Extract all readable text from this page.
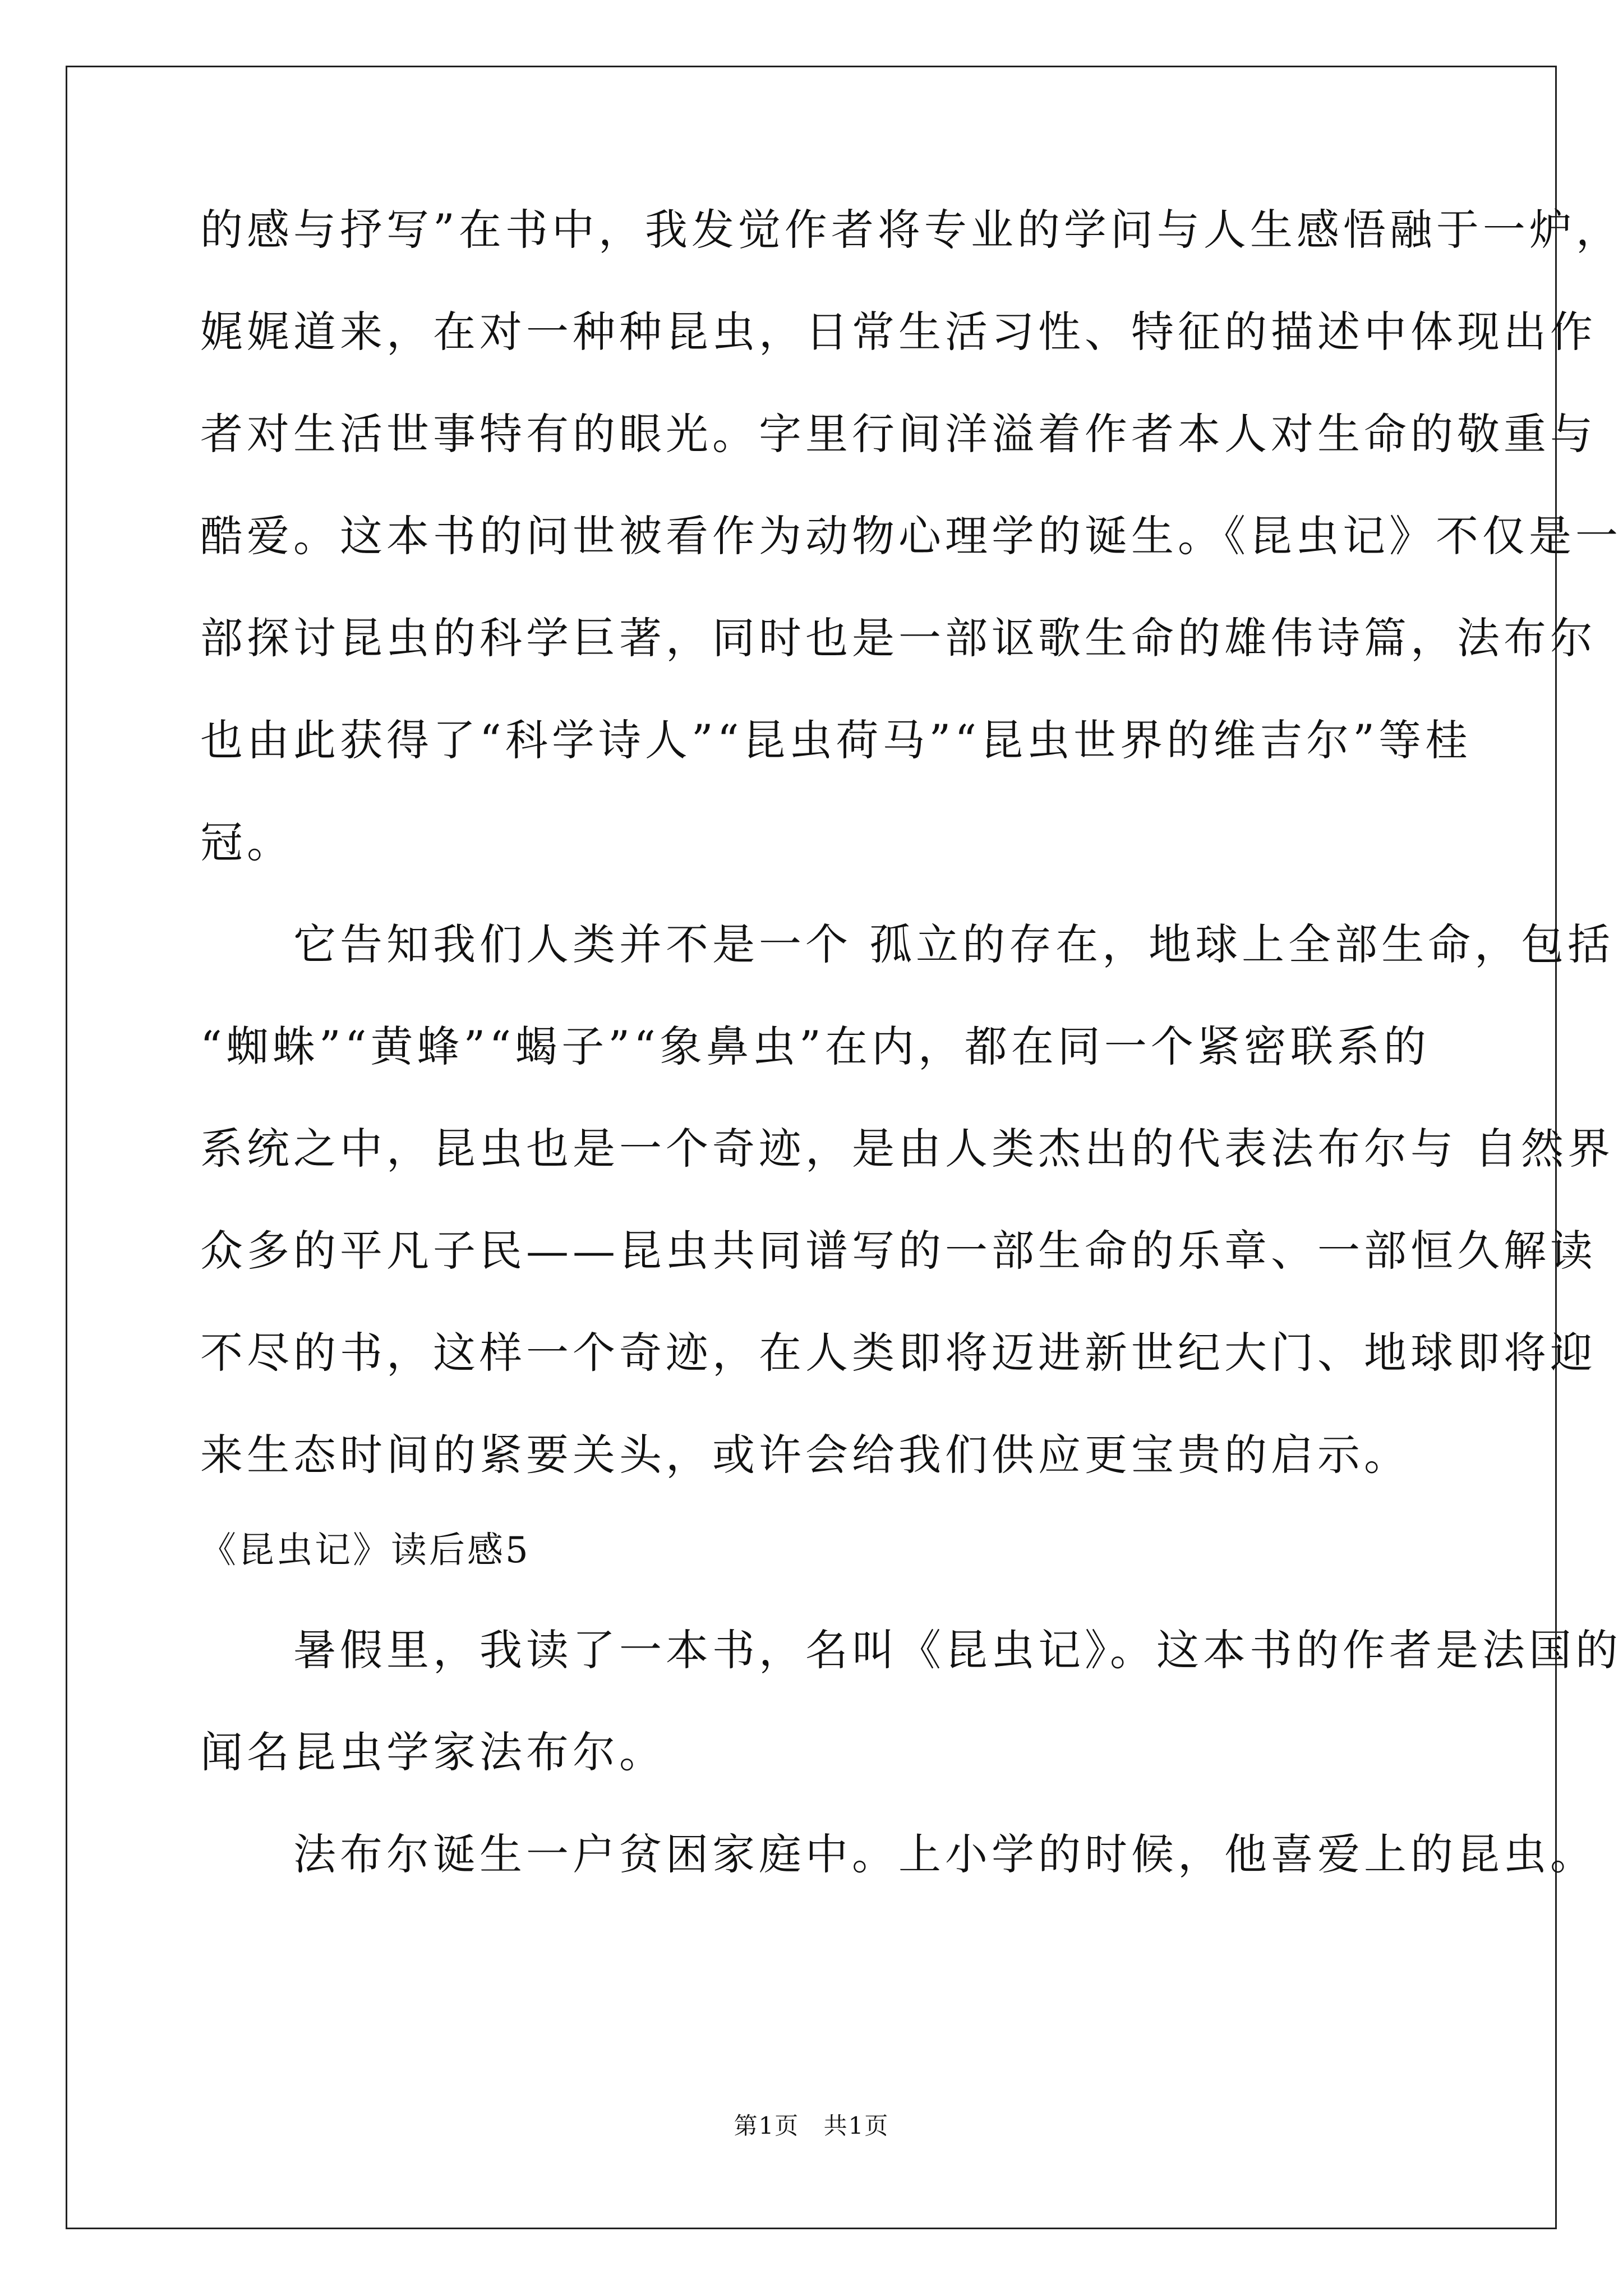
的感与抒写”在书中，我发觉作者将专业的学问与人生感悟融于一炉，
娓娓道来，在对一种种昆虫，日常生活习性、特征的描述中体现出作
者对生活世事特有的眼光。字里行间洋溢着作者本人对生命的敬重与
酷爱。这本书的问世被看作为动物心理学的诞生。《昆虫记》不仅是一
部探讨昆虫的科学巨著，同时也是一部讴歌生命的雄伟诗篇，法布尔
也由此获得了“科学诗人”“昆虫荷马”“昆虫世界的维吉尔”等桂
冠。
　　它告知我们人类并不是一个 孤立的存在，地球上全部生命，包括
“蜘蛛”“黄蜂”“蝎子”“象鼻虫”在内，都在同一个紧密联系的
系统之中，昆虫也是一个奇迹，是由人类杰出的代表法布尔与 自然界
众多的平凡子民——昆虫共同谱写的一部生命的乐章、一部恒久解读
不尽的书，这样一个奇迹，在人类即将迈进新世纪大门、地球即将迎
来生态时间的紧要关头，或许会给我们供应更宝贵的启示。
《昆虫记》读后感5
　　暑假里，我读了一本书，名叫《昆虫记》。这本书的作者是法国的
闻名昆虫学家法布尔。
　　法布尔诞生一户贫困家庭中。上小学的时候，他喜爱上的昆虫。
第1页 共1页
